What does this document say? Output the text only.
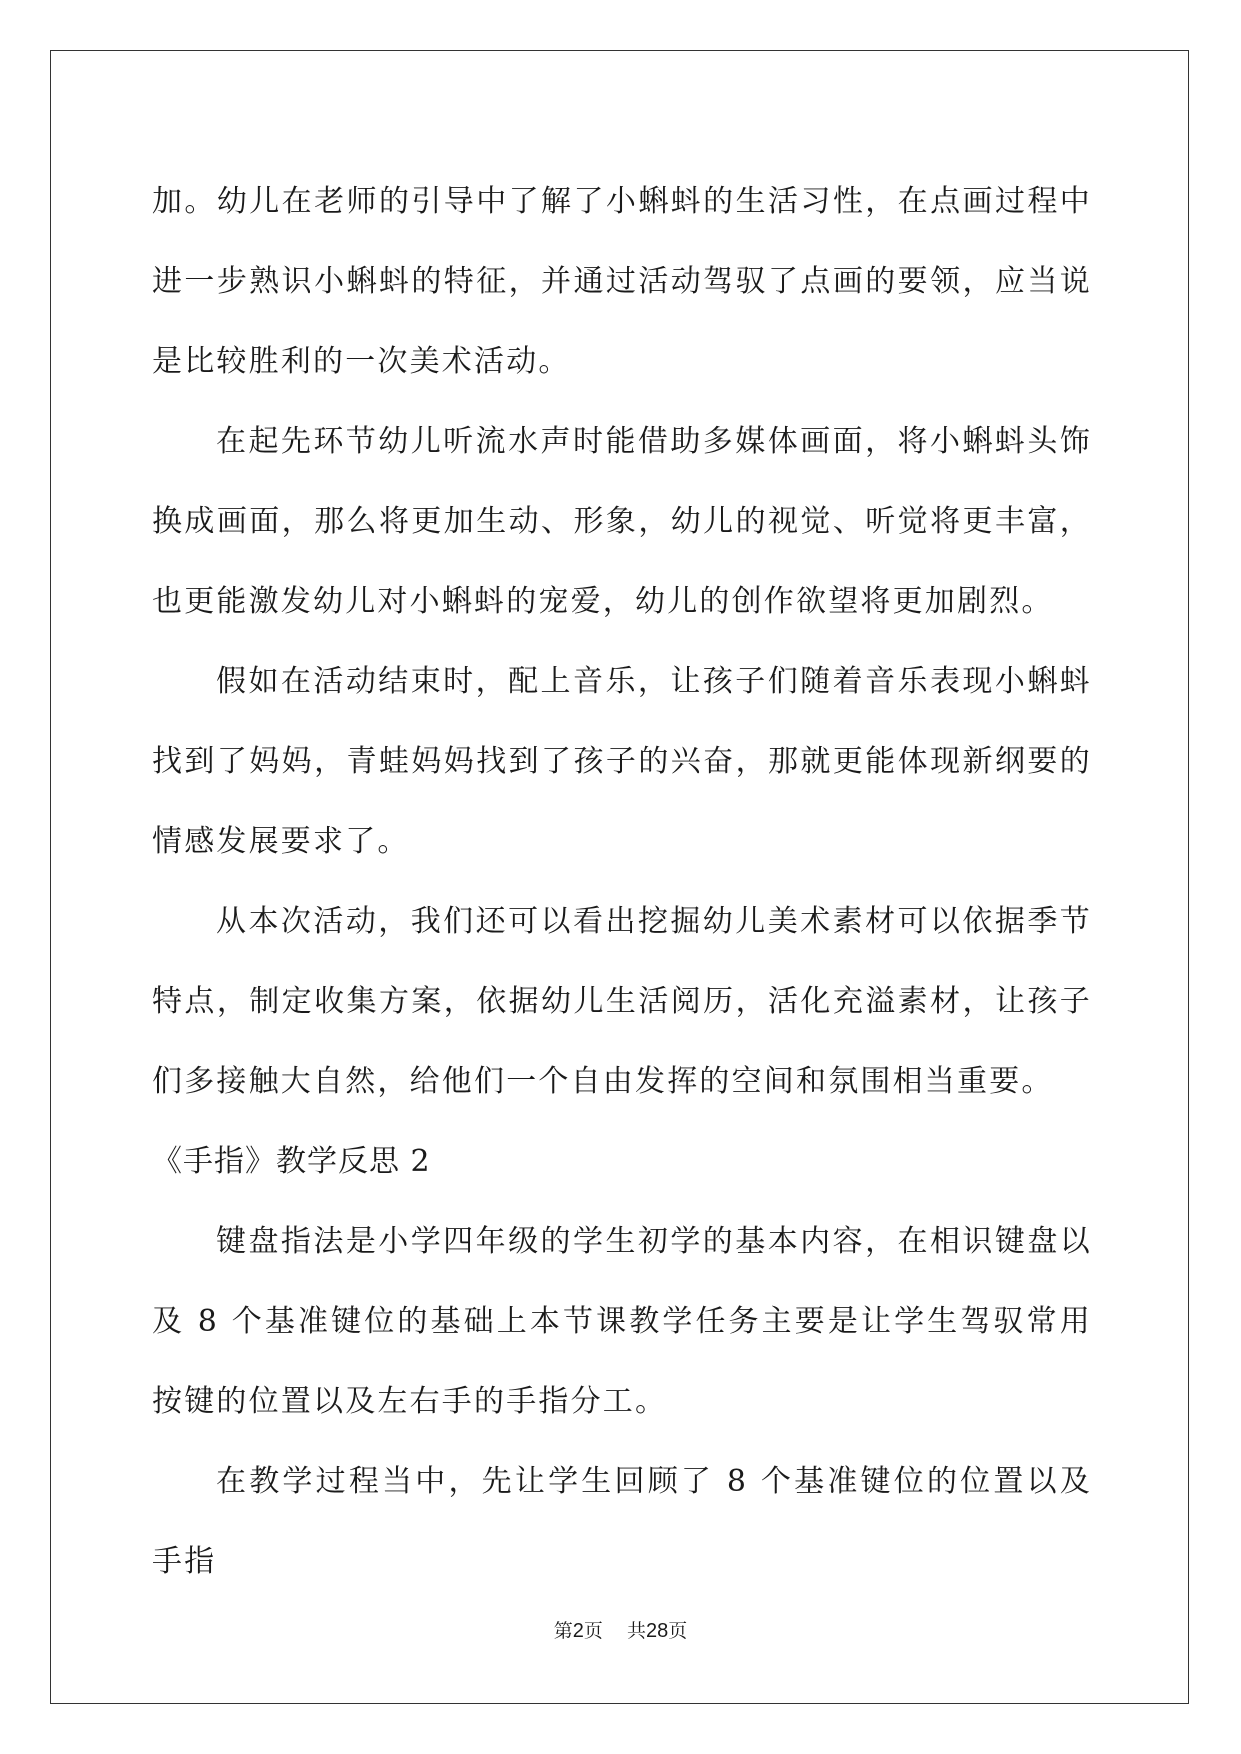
加。幼儿在老师的引导中了解了小蝌蚪的生活习性，在点画过程中进一步熟识小蝌蚪的特征，并通过活动驾驭了点画的要领，应当说是比较胜利的一次美术活动。

在起先环节幼儿听流水声时能借助多媒体画面，将小蝌蚪头饰换成画面，那么将更加生动、形象，幼儿的视觉、听觉将更丰富，也更能激发幼儿对小蝌蚪的宠爱，幼儿的创作欲望将更加剧烈。

假如在活动结束时，配上音乐，让孩子们随着音乐表现小蝌蚪找到了妈妈，青蛙妈妈找到了孩子的兴奋，那就更能体现新纲要的情感发展要求了。

从本次活动，我们还可以看出挖掘幼儿美术素材可以依据季节特点，制定收集方案，依据幼儿生活阅历，活化充溢素材，让孩子们多接触大自然，给他们一个自由发挥的空间和氛围相当重要。

《手指》教学反思 2

键盘指法是小学四年级的学生初学的基本内容，在相识键盘以及 8 个基准键位的基础上本节课教学任务主要是让学生驾驭常用按键的位置以及左右手的手指分工。

在教学过程当中，先让学生回顾了 8 个基准键位的位置以及手指

第2页 共28页
